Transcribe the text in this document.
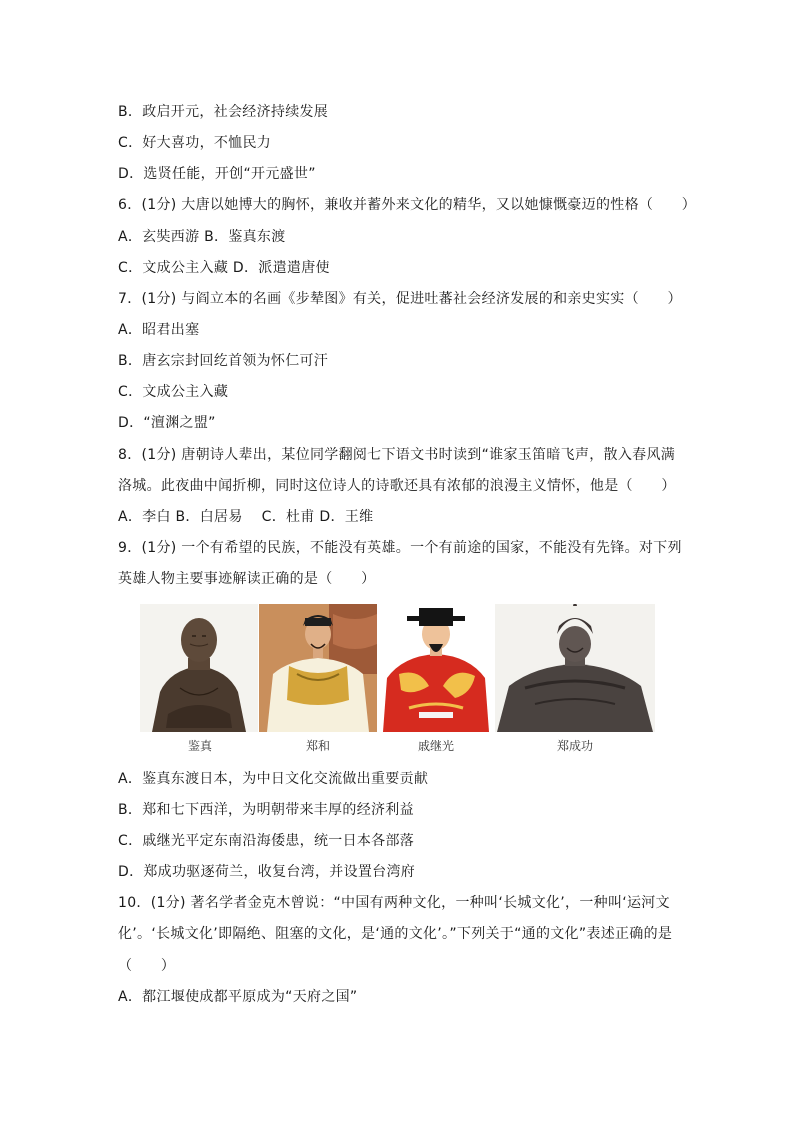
B．政启开元，社会经济持续发展
C．好大喜功，不恤民力
D．选贤任能，开创“开元盛世”
6．(1分) 大唐以她博大的胸怀，兼收并蓄外来文化的精华，又以她慷慨豪迈的性格（　　）
A．玄奘西游 B．鉴真东渡
C．文成公主入藏 D．派遣遣唐使
7．(1分) 与阎立本的名画《步辇图》有关，促进吐蕃社会经济发展的和亲史实实（　　）
A．昭君出塞
B．唐玄宗封回纥首领为怀仁可汗
C．文成公主入藏
D．“澶渊之盟”
8．(1分) 唐朝诗人辈出，某位同学翻阅七下语文书时读到“谁家玉笛暗飞声，散入春风满
洛城。此夜曲中闻折柳，同时这位诗人的诗歌还具有浓郁的浪漫主义情怀，他是（　　）
A．李白 B．白居易　 C．杜甫 D．王维
9．(1分) 一个有希望的民族，不能没有英雄。一个有前途的国家，不能没有先锋。对下列
英雄人物主要事迹解读正确的是（　　）
鉴真	郑和	戚继光	郑成功
A．鉴真东渡日本，为中日文化交流做出重要贡献
B．郑和七下西洋，为明朝带来丰厚的经济利益
C．戚继光平定东南沿海倭患，统一日本各部落
D．郑成功驱逐荷兰，收复台湾，并设置台湾府
10．(1分) 著名学者金克木曾说：“中国有两种文化，一种叫‘长城文化’，一种叫‘运河文
化’。‘长城文化’即隔绝、阻塞的文化，是‘通的文化’。”下列关于“通的文化”表述正确的是
（　　）
A．都江堰使成都平原成为“天府之国”
